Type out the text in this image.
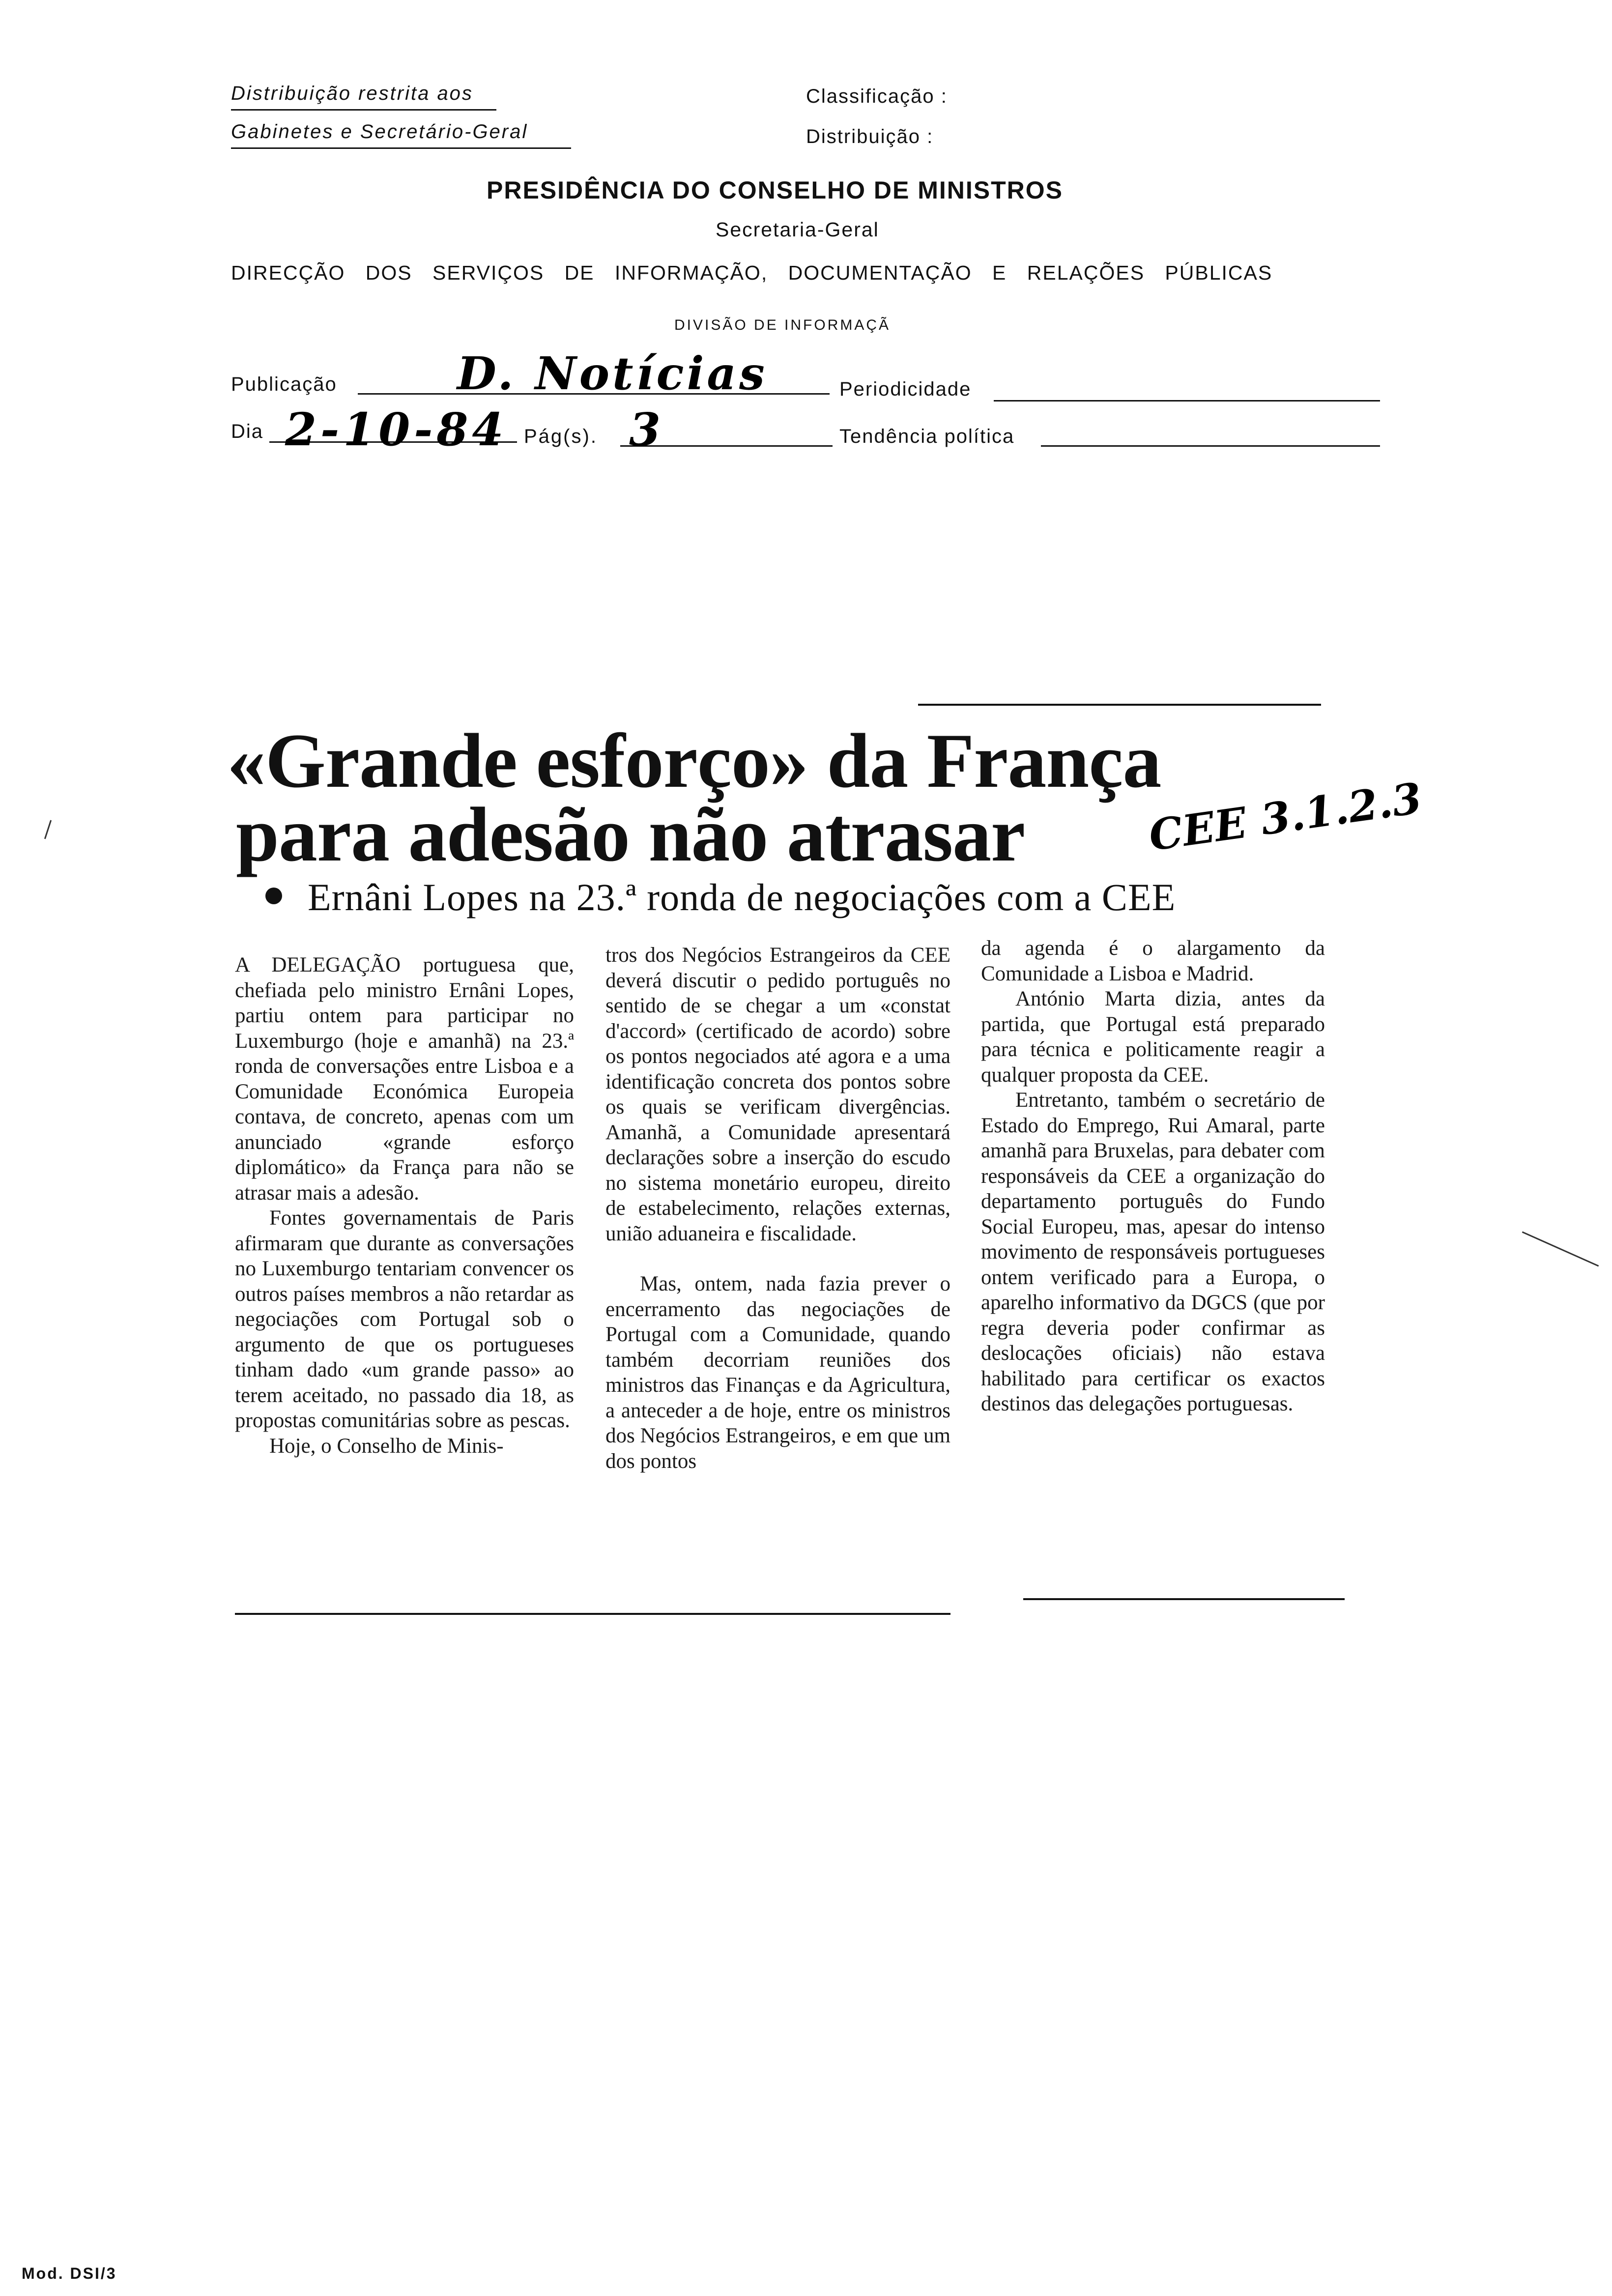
Distribuição restrita aos
Gabinetes e Secretário-Geral
Classificação :
Distribuição :
PRESIDÊNCIA DO CONSELHO DE MINISTROS
Secretaria-Geral
DIRECÇÃO DOS SERVIÇOS DE INFORMAÇÃO, DOCUMENTAÇÃO E RELAÇÕES PÚBLICAS
DIVISÃO DE INFORMAÇÃ
Publicação	D. Notícias	Periodicidade
Dia 2-10-84 Pág(s). 3	Tendência política
«Grande esforço» da França
para adesão não atrasar	CEE 3.1.2.3
Ernâni Lopes na 23.ª ronda de negociações com a CEE

A DELEGAÇÃO portuguesa que, chefiada pelo ministro Ernâni Lopes, partiu ontem para participar no Luxemburgo (hoje e amanhã) na 23.ª ronda de conversações entre Lisboa e a Comunidade Económica Europeia contava, de concreto, apenas com um anunciado «grande esforço diplomático» da França para não se atrasar mais a adesão.

Fontes governamentais de Paris afirmaram que durante as conversações no Luxemburgo tentariam convencer os outros países membros a não retardar as negociações com Portugal sob o argumento de que os portugueses tinham dado «um grande passo» ao terem aceitado, no passado dia 18, as propostas comunitárias sobre as pescas.

Hoje, o Conselho de Minis-

tros dos Negócios Estrangeiros da CEE deverá discutir o pedido português no sentido de se chegar a um «constat d'accord» (certificado de acordo) sobre os pontos negociados até agora e a uma identificação concreta dos pontos sobre os quais se verificam divergências. Amanhã, a Comunidade apresentará declarações sobre a inserção do escudo no sistema monetário europeu, direito de estabelecimento, relações externas, união aduaneira e fiscalidade.

Mas, ontem, nada fazia prever o encerramento das negociações de Portugal com a Comunidade, quando também decorriam reuniões dos ministros das Finanças e da Agricultura, a anteceder a de hoje, entre os ministros dos Negócios Estrangeiros, e em que um dos pontos

da agenda é o alargamento da Comunidade a Lisboa e Madrid.

António Marta dizia, antes da partida, que Portugal está preparado para técnica e politicamente reagir a qualquer proposta da CEE.

Entretanto, também o secretário de Estado do Emprego, Rui Amaral, parte amanhã para Bruxelas, para debater com responsáveis da CEE a organização do departamento português do Fundo Social Europeu, mas, apesar do intenso movimento de responsáveis portugueses ontem verificado para a Europa, o aparelho informativo da DGCS (que por regra deveria poder confirmar as deslocações oficiais) não estava habilitado para certificar os exactos destinos das delegações portuguesas.

Mod. DSI/3
